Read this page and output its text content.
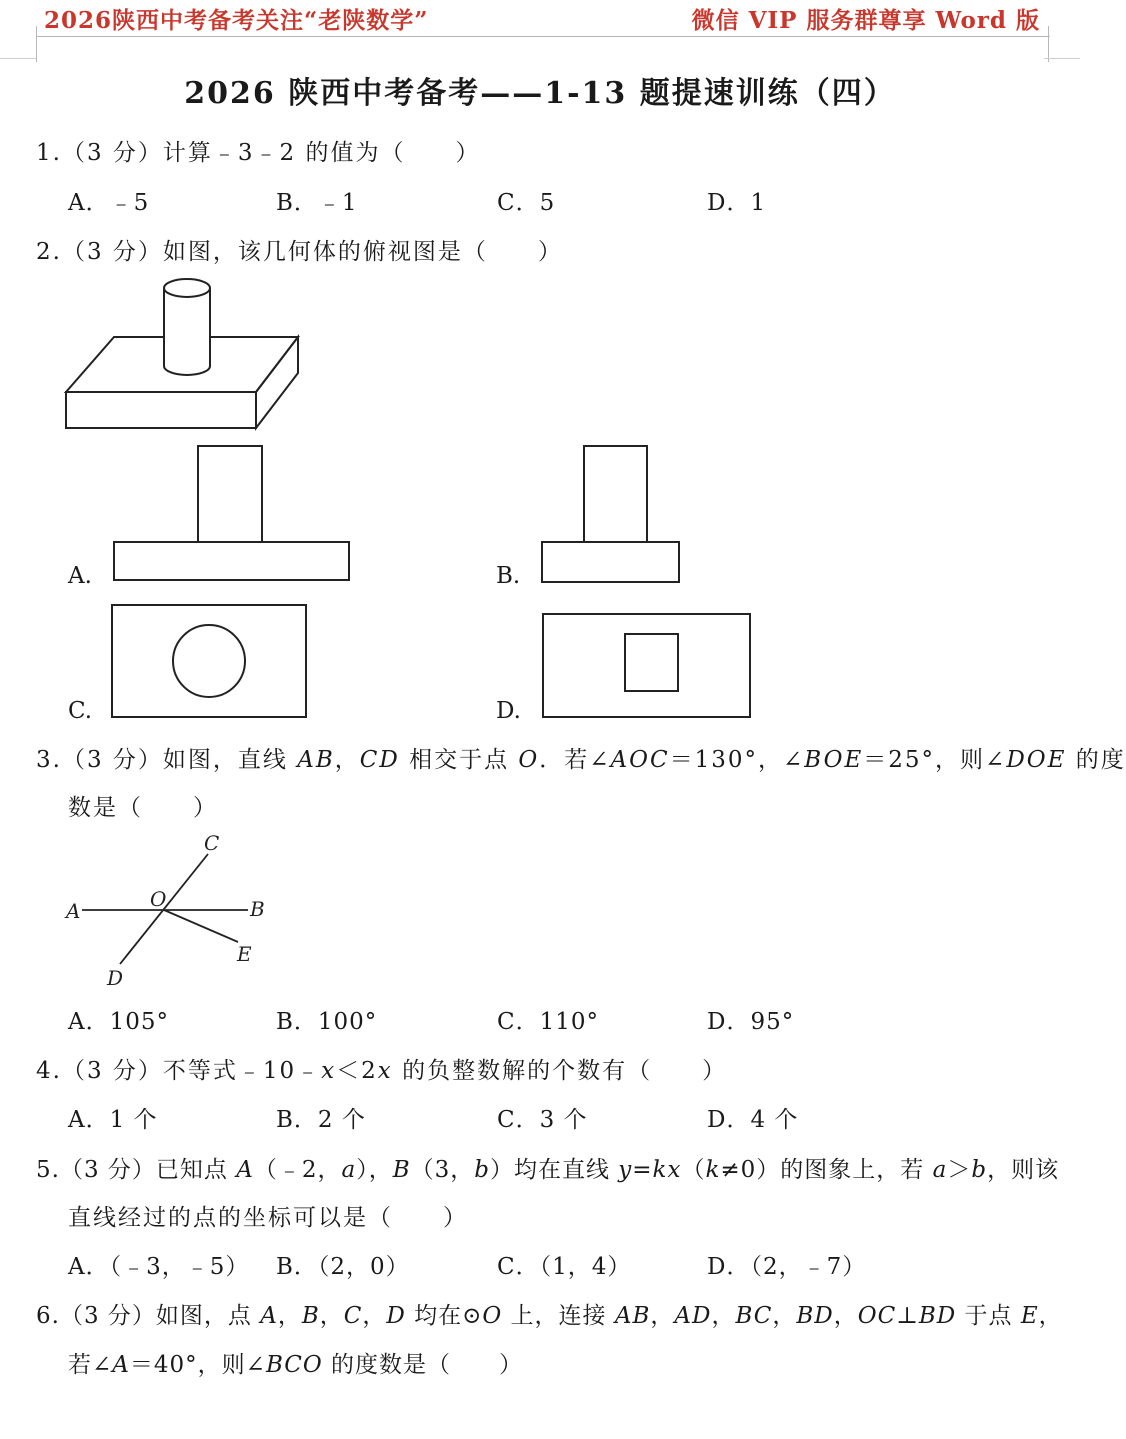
2026陕西中考备考关注“老陕数学”	微信 VIP 服务群尊享 Word 版
2026 陕西中考备考——1-13 题提速训练（四）
1.（3 分）计算﹣3﹣2 的值为（　　）
A．﹣5	B．﹣1	C．5	D．1
2.（3 分）如图，该几何体的俯视图是（　　）
A.	B.
C.	D.
3.（3 分）如图，直线 AB，CD 相交于点 O．若∠AOC＝130°，∠BOE＝25°，则∠DOE 的度
数是（　　）
C
A	O	B
E
D
A．105°	B．100°	C．110°	D．95°
4.（3 分）不等式﹣10﹣x＜2x 的负整数解的个数有（　　）
A．1 个	B．2 个	C．3 个	D．4 个
5.（3 分）已知点 A（﹣2，a），B（3，b）均在直线 y=kx（k≠0）的图象上，若 a＞b，则该
直线经过的点的坐标可以是（　　）
A．（﹣3，﹣5） B．（2，0）	C．（1，4）	D．（2，﹣7）
6.（3 分）如图，点 A，B，C，D 均在⊙O 上，连接 AB，AD，BC，BD，OC⊥BD 于点 E，
若∠A＝40°，则∠BCO 的度数是（　　）
